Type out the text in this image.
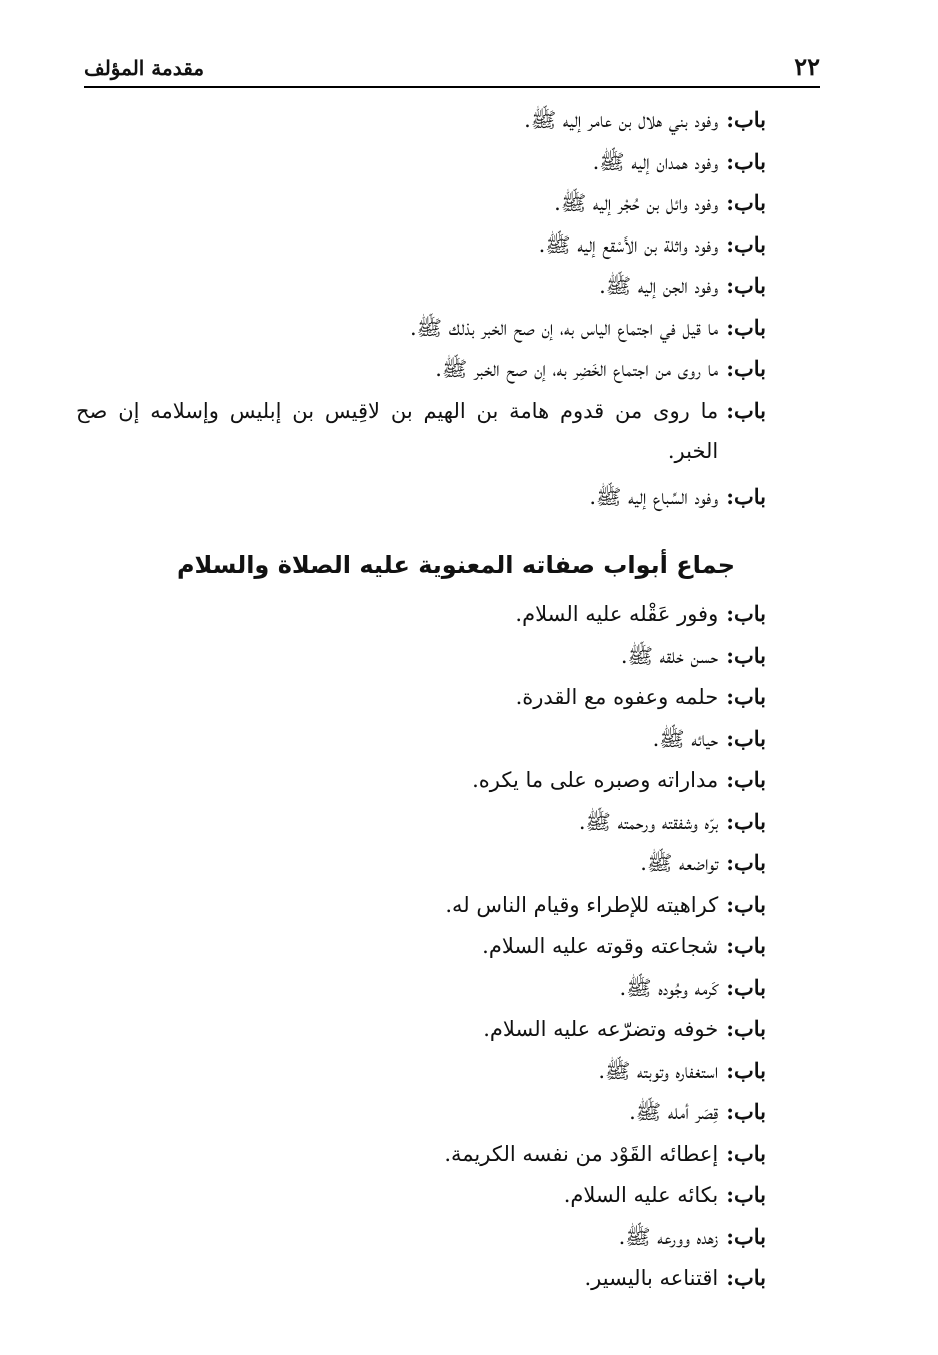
٢٢
مقدمة المؤلف
باب:
وفود بني هلال بن عامر إليه ﷺ.
باب:
وفود همدان إليه ﷺ.
باب:
وفود وائل بن حُجْر إليه ﷺ.
باب:
وفود واثلة بن الأَسْقع إليه ﷺ.
باب:
وفود الجن إليه ﷺ.
باب:
ما قيل في اجتماع الياس به، إن صح الخبر بذلك ﷺ.
باب:
ما روى من اجتماع الخَضِر به، إن صح الخبر ﷺ.
باب:
ما روى من قدوم هامة بن الهيم بن لاقِيس بن إبليس وإسلامه إن صح الخبر.
باب:
وفود السِّباع إليه ﷺ.
جماع أبواب صفاته المعنوية عليه الصلاة والسلام
باب:
وفور عَقْله عليه السلام.
باب:
حسن خلقه ﷺ.
باب:
حلمه وعفوه مع القدرة.
باب:
حيائه ﷺ.
باب:
مداراته وصبره على ما يكره.
باب:
برّه وشفقته ورحمته ﷺ.
باب:
تواضعه ﷺ.
باب:
كراهيته للإطراء وقيام الناس له.
باب:
شجاعته وقوته عليه السلام.
باب:
كَرمه وجُوده ﷺ.
باب:
خوفه وتضرّعه عليه السلام.
باب:
استغفاره وتوبته ﷺ.
باب:
قِصَر أمله ﷺ.
باب:
إعطائه القَوْد من نفسه الكريمة.
باب:
بكائه عليه السلام.
باب:
زهده وورعه ﷺ.
باب:
اقتناعه باليسير.
